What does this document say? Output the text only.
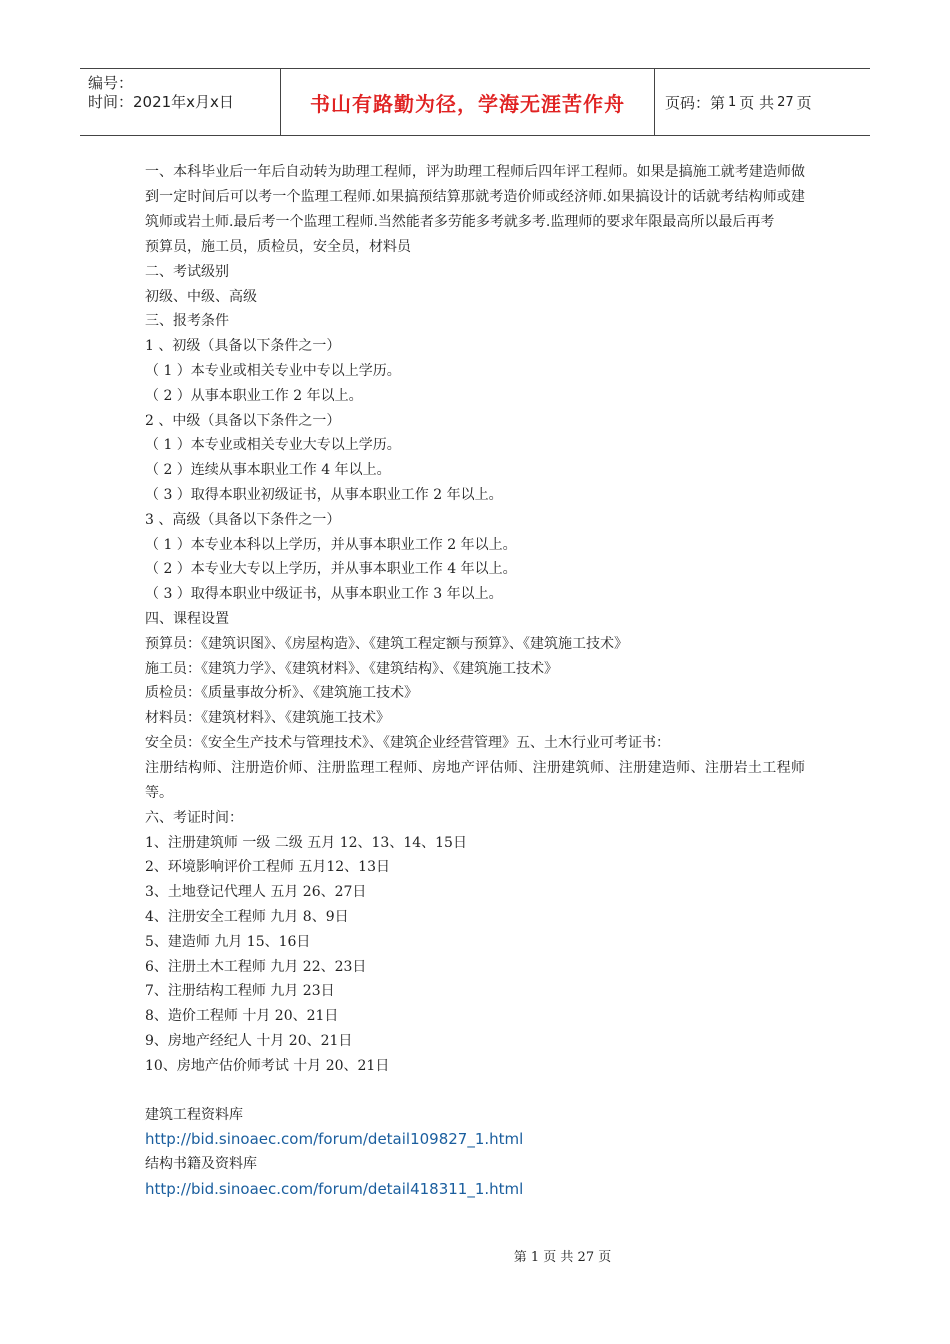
编号：
时间：2021年x月x日	书山有路勤为径，学海无涯苦作舟	页码：第 1 页 共 27 页
一、本科毕业后一年后自动转为助理工程师，评为助理工程师后四年评工程师。如果是搞施工就考建造师做到一定时间后可以考一个监理工程师.如果搞预结算那就考造价师或经济师.如果搞设计的话就考结构师或建筑师或岩土师.最后考一个监理工程师.当然能者多劳能多考就多考.监理师的要求年限最高所以最后再考
预算员，施工员，质检员，安全员，材料员
二、考试级别
初级、中级、高级
三、报考条件
1 、初级（具备以下条件之一）
（ 1 ）本专业或相关专业中专以上学历。
（ 2 ）从事本职业工作 2 年以上。
2 、中级（具备以下条件之一）
（ 1 ）本专业或相关专业大专以上学历。
（ 2 ）连续从事本职业工作 4 年以上。
（ 3 ）取得本职业初级证书，从事本职业工作 2 年以上。
3 、高级（具备以下条件之一）
（ 1 ）本专业本科以上学历，并从事本职业工作 2 年以上。
（ 2 ）本专业大专以上学历，并从事本职业工作 4 年以上。
（ 3 ）取得本职业中级证书，从事本职业工作 3 年以上。
四、课程设置
预算员：《建筑识图》、《房屋构造》、《建筑工程定额与预算》、《建筑施工技术》
施工员：《建筑力学》、《建筑材料》、《建筑结构》、《建筑施工技术》
质检员：《质量事故分析》、《建筑施工技术》
材料员：《建筑材料》、《建筑施工技术》
安全员：《安全生产技术与管理技术》、《建筑企业经营管理》五、土木行业可考证书：
注册结构师、注册造价师、注册监理工程师、房地产评估师、注册建筑师、注册建造师、注册岩土工程师等。
六、考证时间：
1、注册建筑师 一级 二级 五月 12、13、14、15日
2、环境影响评价工程师 五月12、13日
3、土地登记代理人 五月 26、27日
4、注册安全工程师 九月 8、9日
5、建造师 九月 15、16日
6、注册土木工程师 九月 22、23日
7、注册结构工程师 九月 23日
8、造价工程师 十月 20、21日
9、房地产经纪人 十月 20、21日
10、房地产估价师考试 十月 20、21日
建筑工程资料库
http://bid.sinoaec.com/forum/detail109827_1.html
结构书籍及资料库
http://bid.sinoaec.com/forum/detail418311_1.html
第 1 页 共 27 页
